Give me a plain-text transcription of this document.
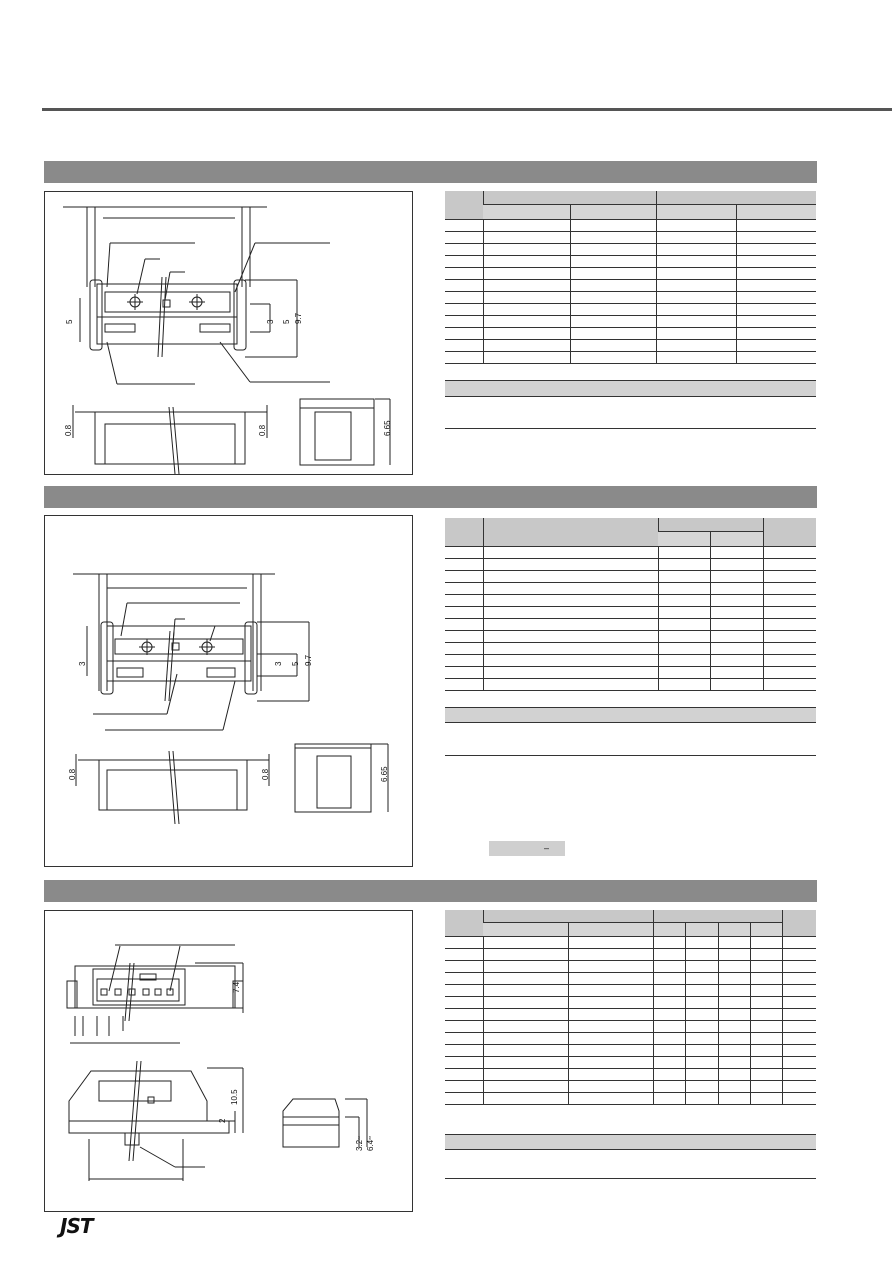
5	3 5 9.7
0.8	0.8	6.65

3	3 5 9.7
0.8	0.8	6.65

–
7.4
10.5
2
3.2**
6.4**

JST
